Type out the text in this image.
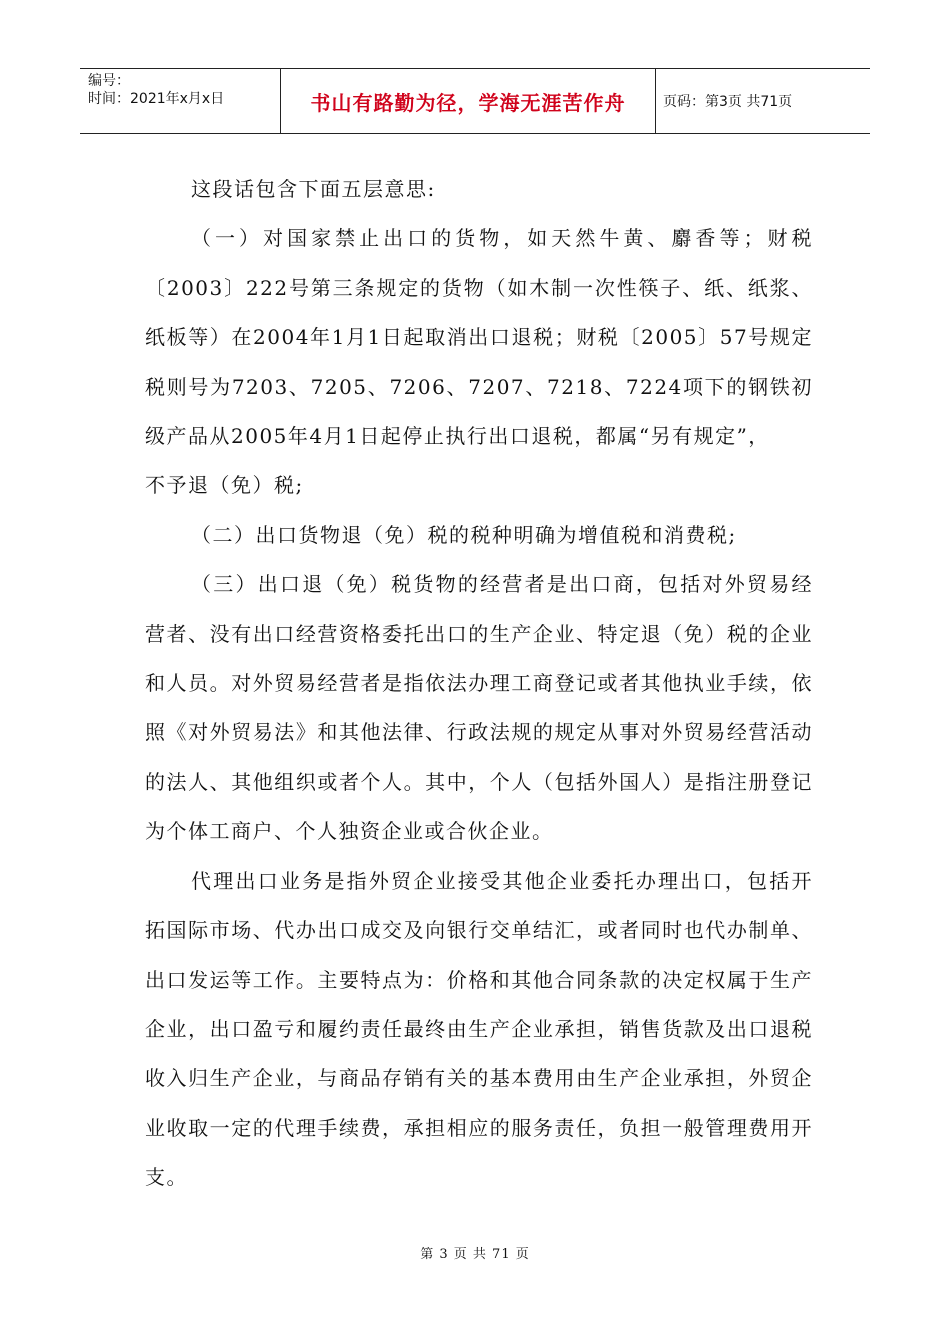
编号：
时间：2021年x月x日	书山有路勤为径，学海无涯苦作舟	页码：第3页 共71页

这段话包含下面五层意思:

（一）对国家禁止出口的货物，如天然牛黄、麝香等；财税〔2003〕222号第三条规定的货物（如木制一次性筷子、纸、纸浆、纸板等）在2004年1月1日起取消出口退税；财税〔2005〕57号规定税则号为7203、7205、7206、7207、7218、7224项下的钢铁初级产品从2005年4月1日起停止执行出口退税，都属“另有规定”，

不予退（免）税;

（二）出口货物退（免）税的税种明确为增值税和消费税;

（三）出口退（免）税货物的经营者是出口商，包括对外贸易经营者、没有出口经营资格委托出口的生产企业、特定退（免）税的企业和人员。对外贸易经营者是指依法办理工商登记或者其他执业手续，依照《对外贸易法》和其他法律、行政法规的规定从事对外贸易经营活动的法人、其他组织或者个人。其中，个人（包括外国人）是指注册登记为个体工商户、个人独资企业或合伙企业。

代理出口业务是指外贸企业接受其他企业委托办理出口，包括开拓国际市场、代办出口成交及向银行交单结汇，或者同时也代办制单、出口发运等工作。主要特点为：价格和其他合同条款的决定权属于生产企业，出口盈亏和履约责任最终由生产企业承担，销售货款及出口退税收入归生产企业，与商品存销有关的基本费用由生产企业承担，外贸企业收取一定的代理手续费，承担相应的服务责任，负担一般管理费用开支。

第 3 页 共 71 页
